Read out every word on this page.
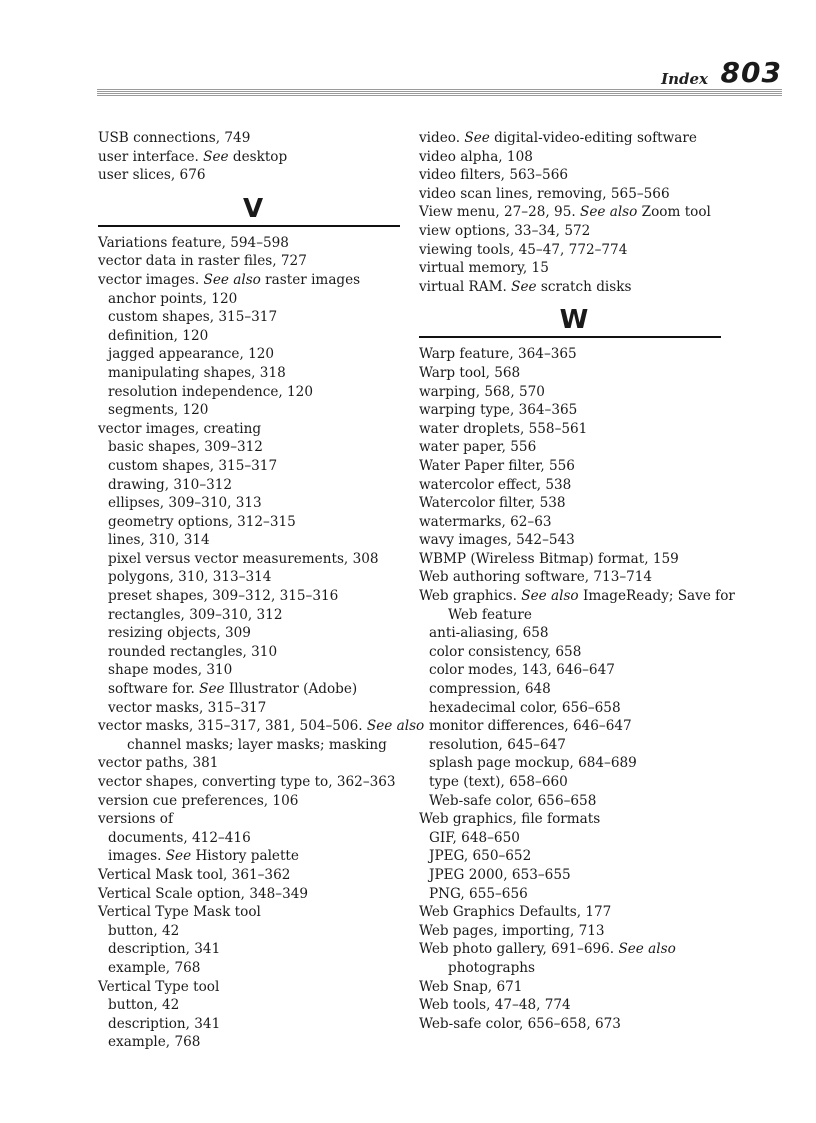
Index 803

USB connections, 749

user interface. See desktop

user slices, 676

V

Variations feature, 594–598

vector data in raster files, 727

vector images. See also raster images

anchor points, 120

custom shapes, 315–317

definition, 120

jagged appearance, 120

manipulating shapes, 318

resolution independence, 120

segments, 120

vector images, creating

basic shapes, 309–312

custom shapes, 315–317

drawing, 310–312

ellipses, 309–310, 313

geometry options, 312–315

lines, 310, 314

pixel versus vector measurements, 308

polygons, 310, 313–314

preset shapes, 309–312, 315–316

rectangles, 309–310, 312

resizing objects, 309

rounded rectangles, 310

shape modes, 310

software for. See Illustrator (Adobe)

vector masks, 315–317

vector masks, 315–317, 381, 504–506. See also

channel masks; layer masks; masking

vector paths, 381

vector shapes, converting type to, 362–363

version cue preferences, 106

versions of

documents, 412–416

images. See History palette

Vertical Mask tool, 361–362

Vertical Scale option, 348–349

Vertical Type Mask tool

button, 42

description, 341

example, 768

Vertical Type tool

button, 42

description, 341

example, 768

video. See digital-video-editing software

video alpha, 108

video filters, 563–566

video scan lines, removing, 565–566

View menu, 27–28, 95. See also Zoom tool

view options, 33–34, 572

viewing tools, 45–47, 772–774

virtual memory, 15

virtual RAM. See scratch disks

W

Warp feature, 364–365

Warp tool, 568

warping, 568, 570

warping type, 364–365

water droplets, 558–561

water paper, 556

Water Paper filter, 556

watercolor effect, 538

Watercolor filter, 538

watermarks, 62–63

wavy images, 542–543

WBMP (Wireless Bitmap) format, 159

Web authoring software, 713–714

Web graphics. See also ImageReady; Save for

Web feature

anti-aliasing, 658

color consistency, 658

color modes, 143, 646–647

compression, 648

hexadecimal color, 656–658

monitor differences, 646–647

resolution, 645–647

splash page mockup, 684–689

type (text), 658–660

Web-safe color, 656–658

Web graphics, file formats

GIF, 648–650

JPEG, 650–652

JPEG 2000, 653–655

PNG, 655–656

Web Graphics Defaults, 177

Web pages, importing, 713

Web photo gallery, 691–696. See also

photographs

Web Snap, 671

Web tools, 47–48, 774

Web-safe color, 656–658, 673
